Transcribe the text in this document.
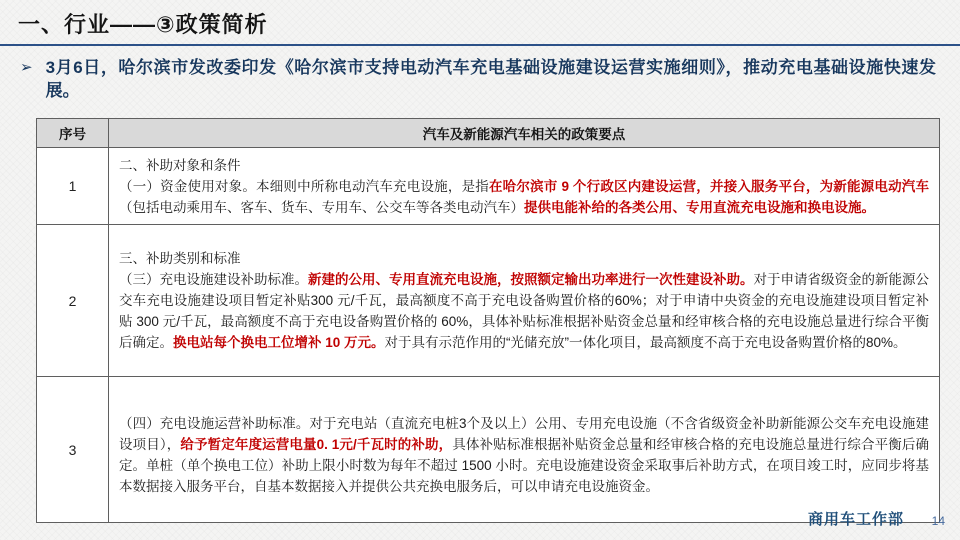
一、行业——③政策简析
➢ 3月6日，哈尔滨市发改委印发《哈尔滨市支持电动汽车充电基础设施建设运营实施细则》，推动充电基础设施快速发展。
序号	汽车及新能源汽车相关的政策要点
1	二、补助对象和条件
（一）资金使用对象。本细则中所称电动汽车充电设施，是指在哈尔滨市 9 个行政区内建设运营，并接入服务平台，为新能源电动汽车（包括电动乘用车、客车、货车、专用车、公交车等各类电动汽车）提供电能补给的各类公用、专用直流充电设施和换电设施。

2	三、补助类别和标准
（三）充电设施建设补助标准。新建的公用、专用直流充电设施，按照额定输出功率进行一次性建设补助。对于申请省级资金的新能源公交车充电设施建设项目暂定补贴300 元/千瓦，最高额度不高于充电设备购置价格的60%；对于申请中央资金的充电设施建设项目暂定补贴 300 元/千瓦，最高额度不高于充电设备购置价格的 60%，具体补贴标准根据补贴资金总量和经审核合格的充电设施总量进行综合平衡后确定。换电站每个换电工位增补 10 万元。对于具有示范作用的“光储充放”一体化项目，最高额度不高于充电设备购置价格的80%。

3	（四）充电设施运营补助标准。对于充电站（直流充电桩3个及以上）公用、专用充电设施（不含省级资金补助新能源公交车充电设施建设项目），给予暂定年度运营电量0. 1元/千瓦时的补助，具体补贴标准根据补贴资金总量和经审核合格的充电设施总量进行综合平衡后确定。单桩（单个换电工位）补助上限小时数为每年不超过 1500 小时。充电设施建设资金采取事后补助方式，在项目竣工时，应同步将基本数据接入服务平台，自基本数据接入并提供公共充换电服务后，可以申请充电设施资金。
商用车工作部 14
